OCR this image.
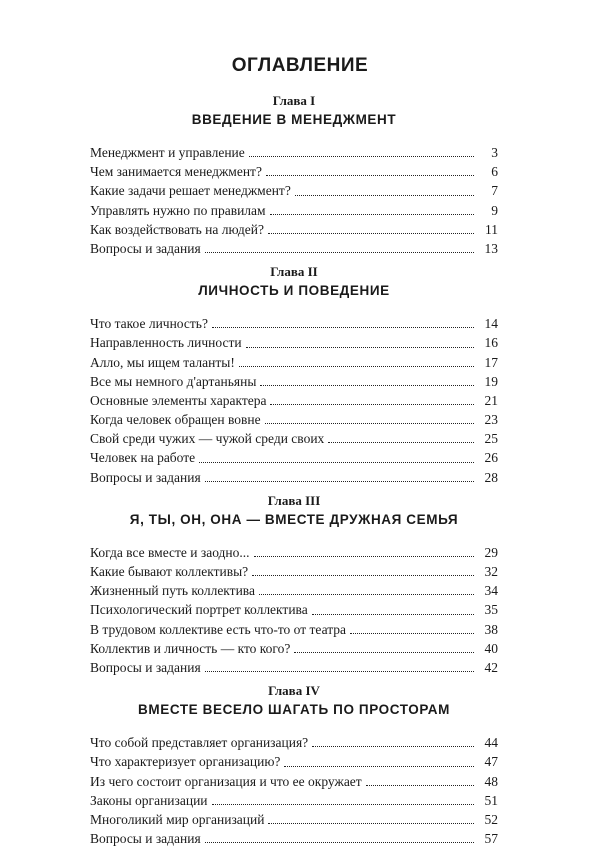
ОГЛАВЛЕНИЕ
Глава I
ВВЕДЕНИЕ В МЕНЕДЖМЕНТ
Менеджмент и управление	3
Чем занимается менеджмент?	6
Какие задачи решает менеджмент?	7
Управлять нужно по правилам	9
Как воздействовать на людей?	11
Вопросы и задания	13
Глава II
ЛИЧНОСТЬ И ПОВЕДЕНИЕ
Что такое личность?	14
Направленность личности	16
Алло, мы ищем таланты!	17
Все мы немного д'артаньяны	19
Основные элементы характера	21
Когда человек обращен вовне	23
Свой среди чужих — чужой среди своих	25
Человек на работе	26
Вопросы и задания	28
Глава III
Я, ТЫ, ОН, ОНА — ВМЕСТЕ ДРУЖНАЯ СЕМЬЯ
Когда все вместе и заодно...	29
Какие бывают коллективы?	32
Жизненный путь коллектива	34
Психологический портрет коллектива	35
В трудовом коллективе есть что-то от театра	38
Коллектив и личность — кто кого?	40
Вопросы и задания	42
Глава IV
ВМЕСТЕ ВЕСЕЛО ШАГАТЬ ПО ПРОСТОРАМ
Что собой представляет организация?	44
Что характеризует организацию?	47
Из чего состоит организация и что ее окружает	48
Законы организации	51
Многоликий мир организаций	52
Вопросы и задания	57
